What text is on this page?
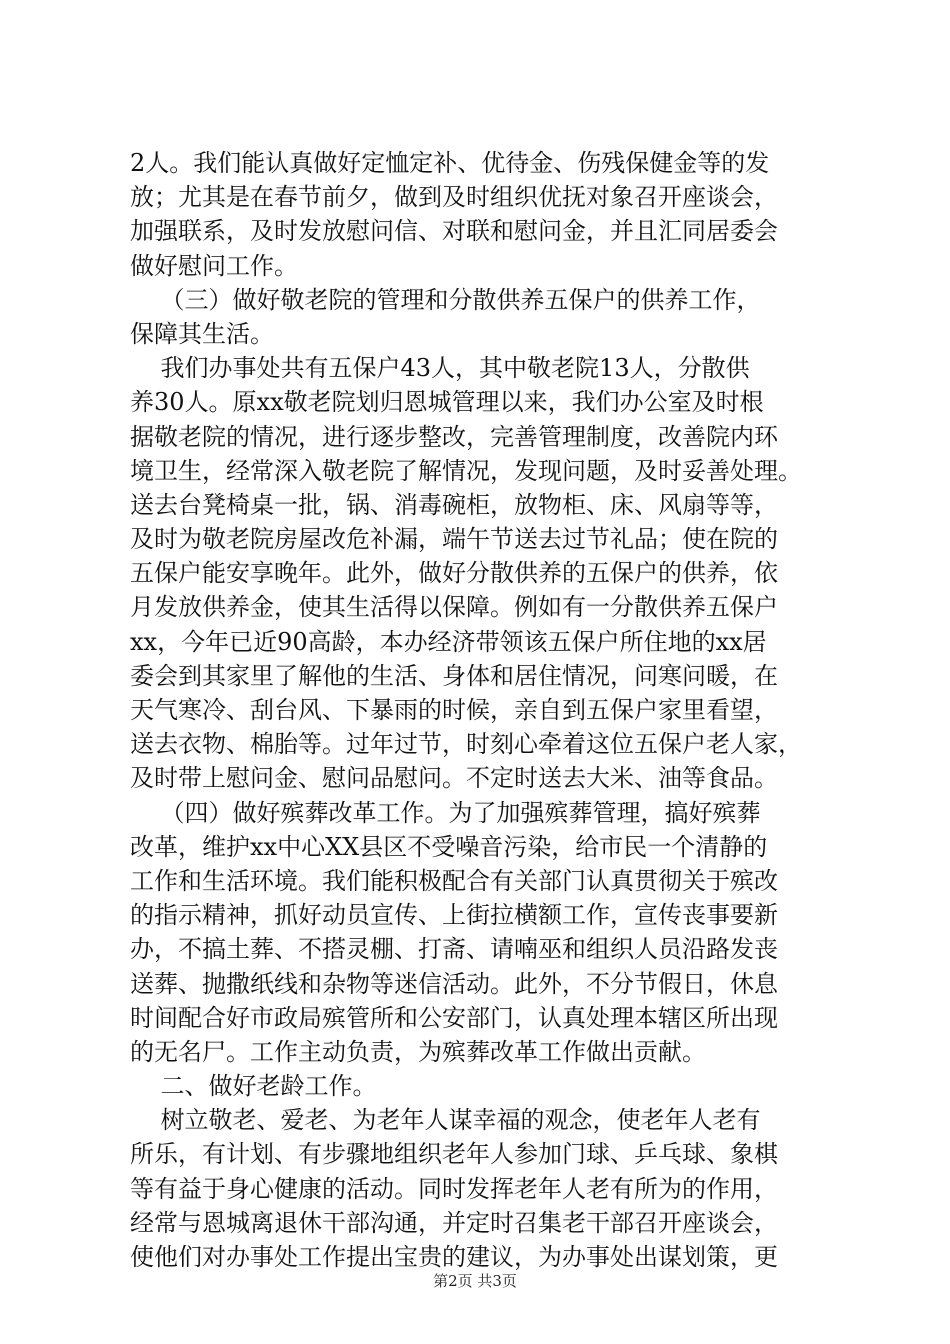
2人。我们能认真做好定恤定补、优待金、伤残保健金等的发
放；尤其是在春节前夕，做到及时组织优抚对象召开座谈会，
加强联系，及时发放慰问信、对联和慰问金，并且汇同居委会
做好慰问工作。
（三）做好敬老院的管理和分散供养五保户的供养工作，
保障其生活。
我们办事处共有五保户43人，其中敬老院13人，分散供
养30人。原xx敬老院划归恩城管理以来，我们办公室及时根
据敬老院的情况，进行逐步整改，完善管理制度，改善院内环
境卫生，经常深入敬老院了解情况，发现问题，及时妥善处理。
送去台凳椅桌一批，锅、消毒碗柜，放物柜、床、风扇等等，
及时为敬老院房屋改危补漏，端午节送去过节礼品；使在院的
五保户能安享晚年。此外，做好分散供养的五保户的供养，依
月发放供养金，使其生活得以保障。例如有一分散供养五保户
xx，今年已近90高龄，本办经济带领该五保户所住地的xx居
委会到其家里了解他的生活、身体和居住情况，问寒问暖，在
天气寒冷、刮台风、下暴雨的时候，亲自到五保户家里看望，
送去衣物、棉胎等。过年过节，时刻心牵着这位五保户老人家，
及时带上慰问金、慰问品慰问。不定时送去大米、油等食品。
（四）做好殡葬改革工作。为了加强殡葬管理，搞好殡葬
改革，维护xx中心XX县区不受噪音污染，给市民一个清静的
工作和生活环境。我们能积极配合有关部门认真贯彻关于殡改
的指示精神，抓好动员宣传、上街拉横额工作，宣传丧事要新
办，不搞土葬、不搭灵棚、打斋、请喃巫和组织人员沿路发丧
送葬、抛撒纸线和杂物等迷信活动。此外，不分节假日，休息
时间配合好市政局殡管所和公安部门，认真处理本辖区所出现
的无名尸。工作主动负责，为殡葬改革工作做出贡献。
二、做好老龄工作。
树立敬老、爱老、为老年人谋幸福的观念，使老年人老有
所乐，有计划、有步骤地组织老年人参加门球、乒乓球、象棋
等有益于身心健康的活动。同时发挥老年人老有所为的作用，
经常与恩城离退休干部沟通，并定时召集老干部召开座谈会，
使他们对办事处工作提出宝贵的建议，为办事处出谋划策，更
第2页 共3页
